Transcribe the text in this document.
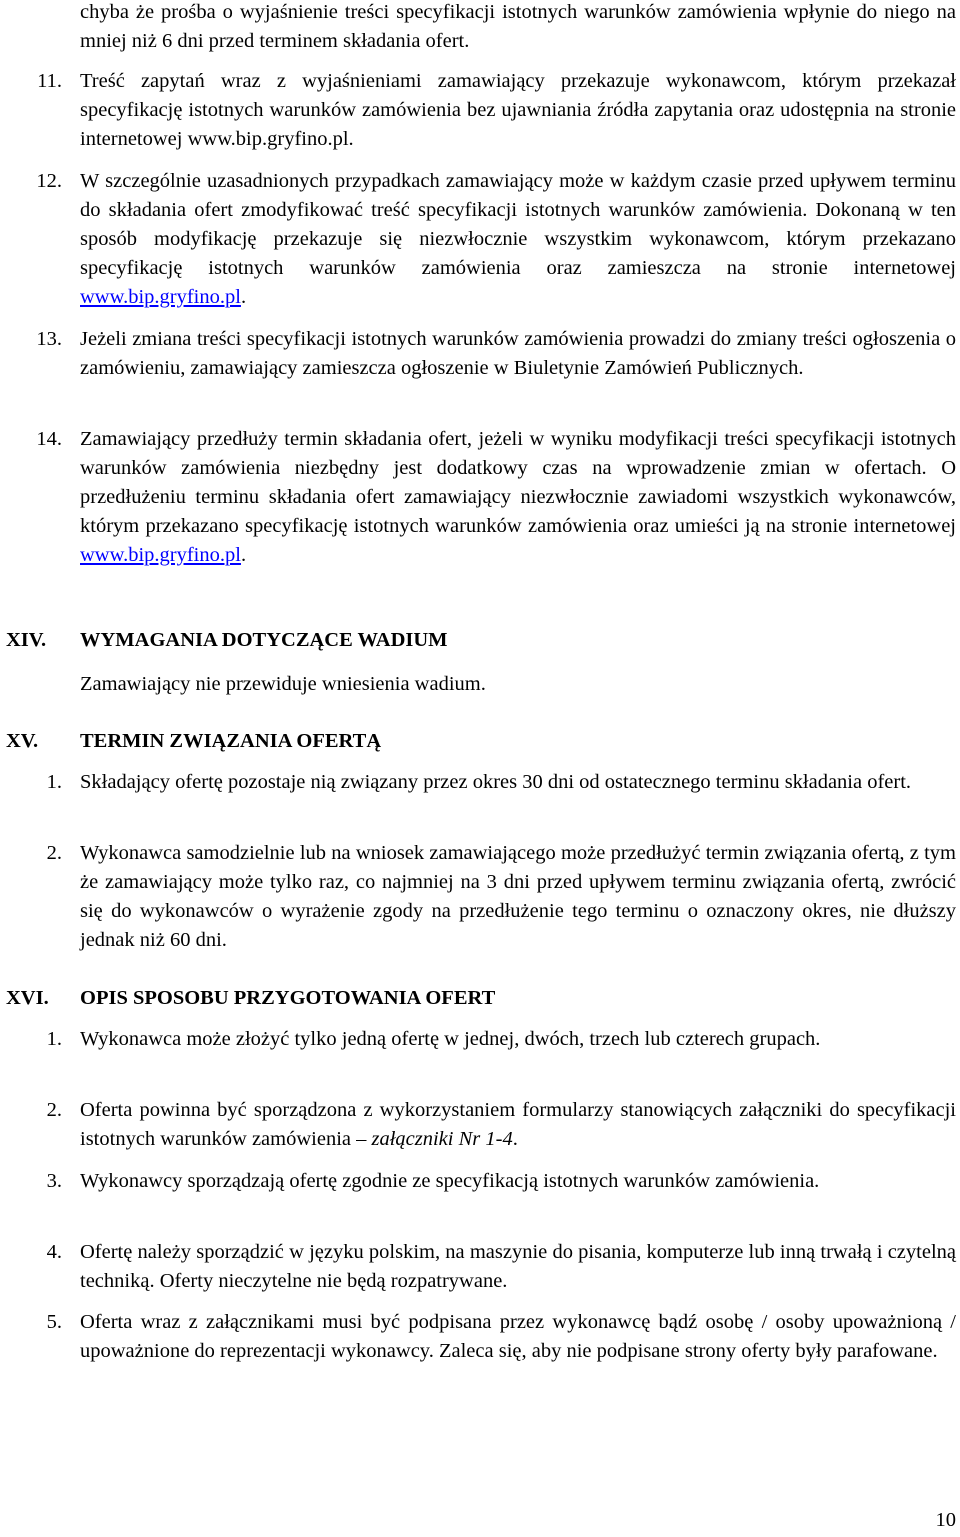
chyba że prośba o wyjaśnienie treści specyfikacji istotnych warunków zamówienia wpłynie do niego na mniej niż 6 dni przed terminem składania ofert.
11. Treść zapytań wraz z wyjaśnieniami zamawiający przekazuje wykonawcom, którym przekazał specyfikację istotnych warunków zamówienia bez ujawniania źródła zapytania oraz udostępnia na stronie internetowej www.bip.gryfino.pl.
12. W szczególnie uzasadnionych przypadkach zamawiający może w każdym czasie przed upływem terminu do składania ofert zmodyfikować treść specyfikacji istotnych warunków zamówienia. Dokonaną w ten sposób modyfikację przekazuje się niezwłocznie wszystkim wykonawcom, którym przekazano specyfikację istotnych warunków zamówienia oraz zamieszcza na stronie internetowej www.bip.gryfino.pl.
13. Jeżeli zmiana treści specyfikacji istotnych warunków zamówienia prowadzi do zmiany treści ogłoszenia o zamówieniu, zamawiający zamieszcza ogłoszenie w Biuletynie Zamówień Publicznych.
14. Zamawiający przedłuży termin składania ofert, jeżeli w wyniku modyfikacji treści specyfikacji istotnych warunków zamówienia niezbędny jest dodatkowy czas na wprowadzenie zmian w ofertach. O przedłużeniu terminu składania ofert zamawiający niezwłocznie zawiadomi wszystkich wykonawców, którym przekazano specyfikację istotnych warunków zamówienia oraz umieści ją na stronie internetowej www.bip.gryfino.pl.
XIV.	WYMAGANIA DOTYCZĄCE WADIUM
Zamawiający nie przewiduje wniesienia wadium.
XV.	TERMIN ZWIĄZANIA OFERTĄ
1. Składający ofertę pozostaje nią związany przez okres 30 dni od ostatecznego terminu składania ofert.
2. Wykonawca samodzielnie lub na wniosek zamawiającego może przedłużyć termin związania ofertą, z tym że zamawiający może tylko raz, co najmniej na 3 dni przed upływem terminu związania ofertą, zwrócić się do wykonawców o wyrażenie zgody na przedłużenie tego terminu o oznaczony okres, nie dłuższy jednak niż 60 dni.
XVI.	OPIS SPOSOBU PRZYGOTOWANIA OFERT
1. Wykonawca może złożyć tylko jedną ofertę w jednej, dwóch, trzech lub czterech grupach.
2. Oferta powinna być sporządzona z wykorzystaniem formularzy stanowiących załączniki do specyfikacji istotnych warunków zamówienia – załączniki Nr 1-4.
3. Wykonawcy sporządzają ofertę zgodnie ze specyfikacją istotnych warunków zamówienia.
4. Ofertę należy sporządzić w języku polskim, na maszynie do pisania, komputerze lub inną trwałą i czytelną techniką. Oferty nieczytelne nie będą rozpatrywane.
5. Oferta wraz z załącznikami musi być podpisana przez wykonawcę bądź osobę / osoby upoważnioną / upoważnione do reprezentacji wykonawcy. Zaleca się, aby nie podpisane strony oferty były parafowane.
10
